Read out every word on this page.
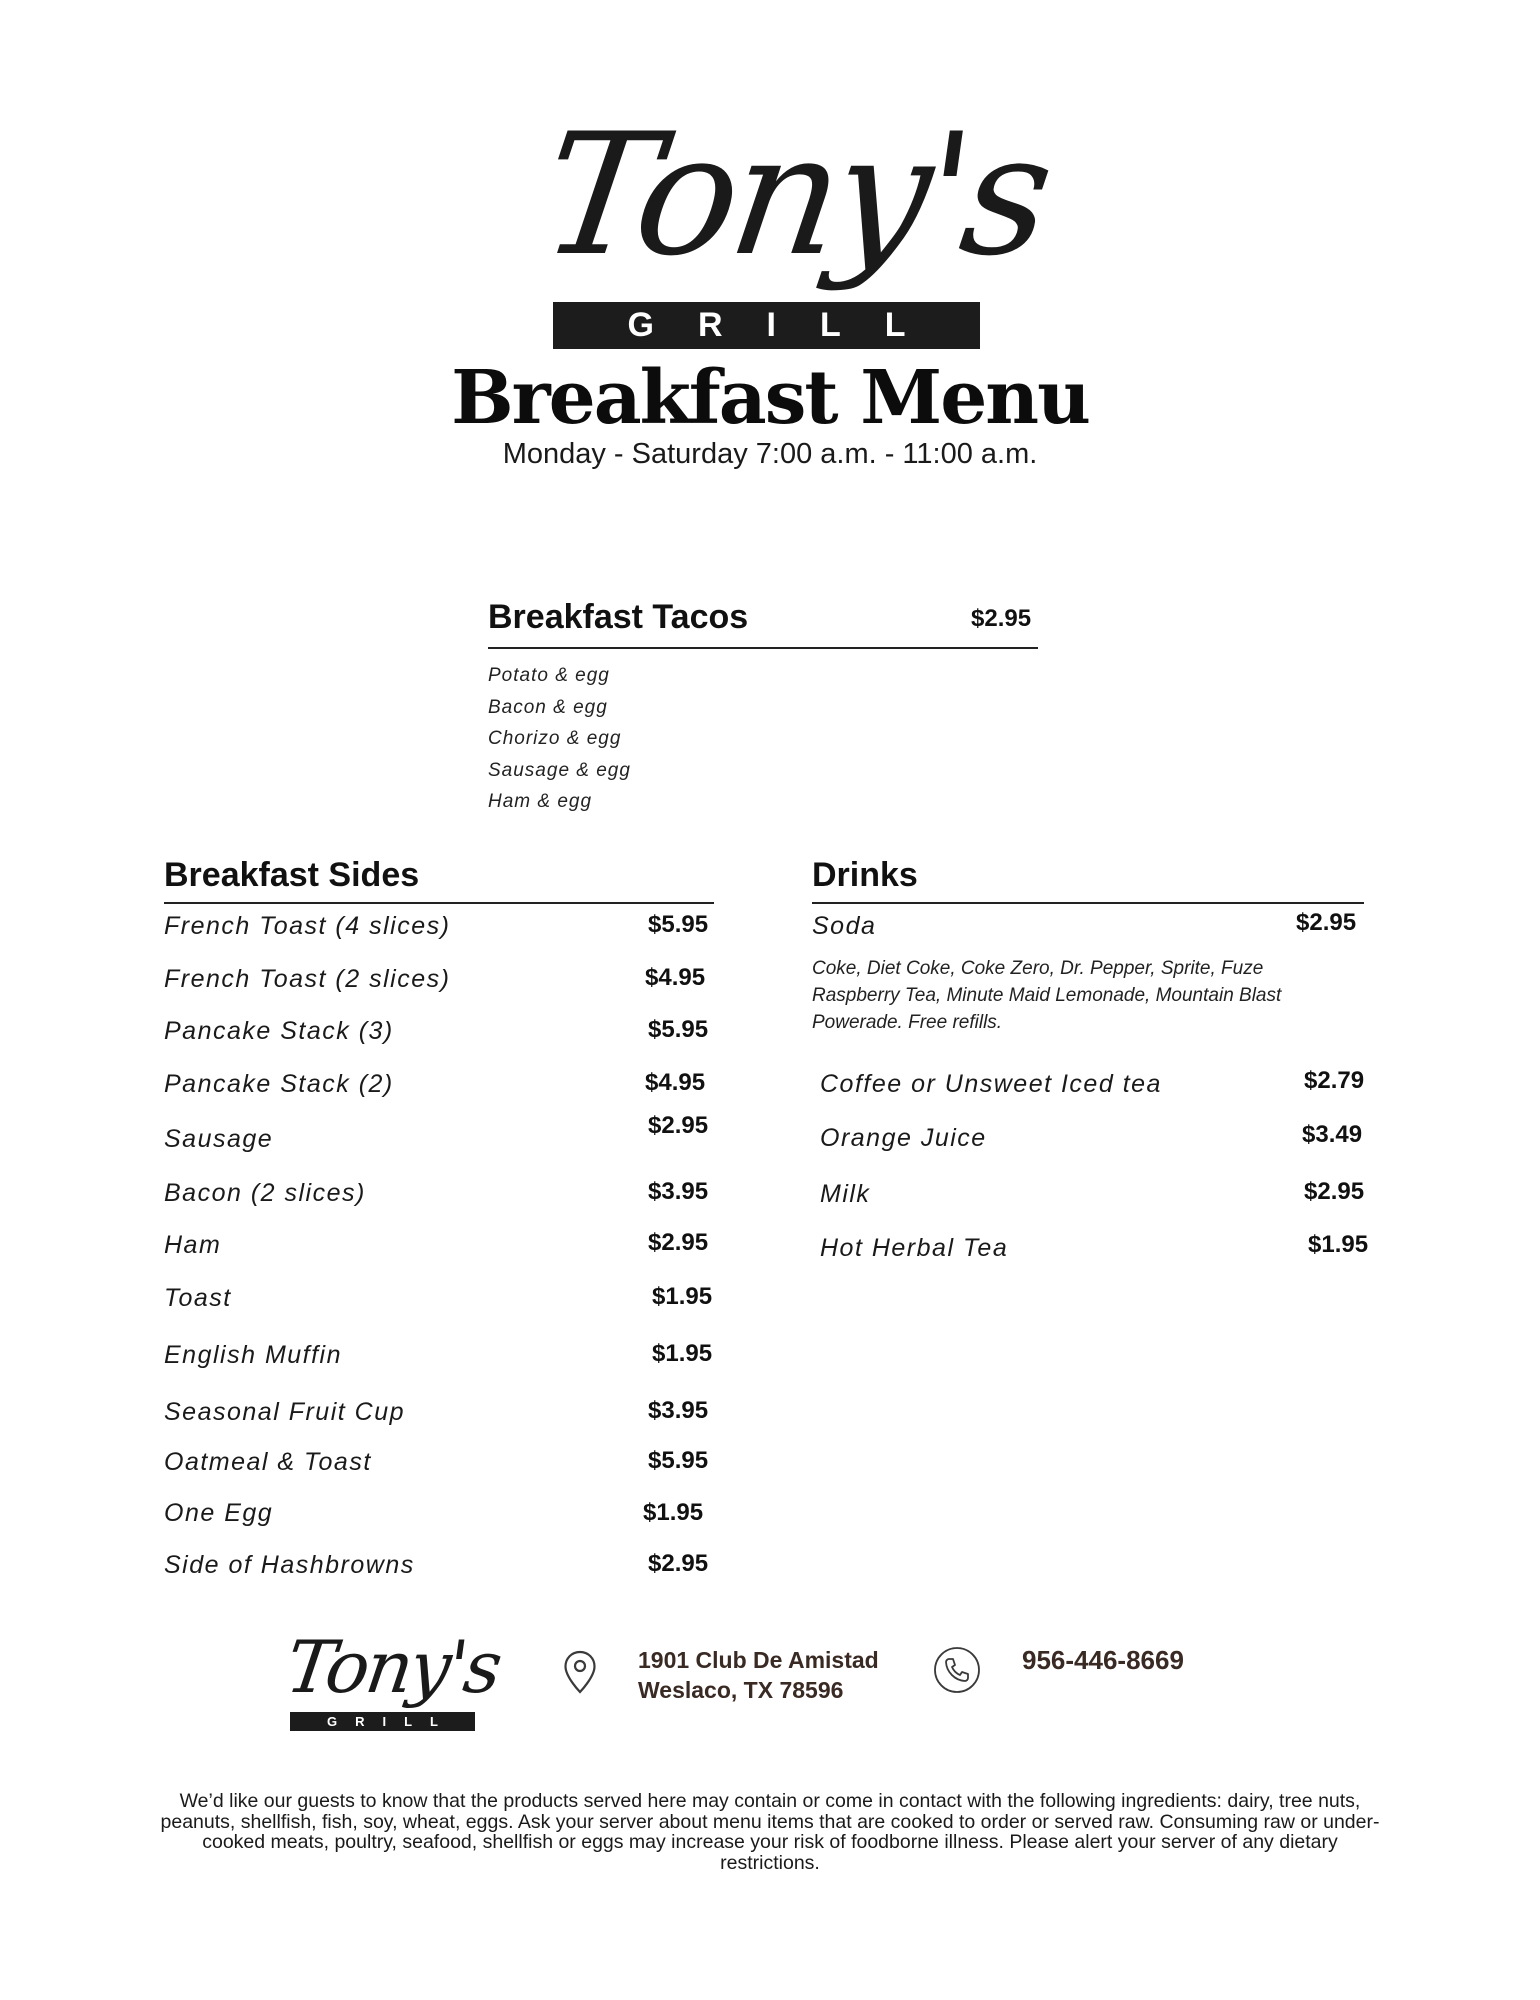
Tony's
GRILL
Breakfast Menu
Monday - Saturday 7:00 a.m. - 11:00 a.m.
Breakfast Tacos	$2.95
Potato & egg
Bacon & egg
Chorizo & egg
Sausage & egg
Ham & egg
Breakfast Sides
French Toast (4 slices)	$5.95
French Toast (2 slices)	$4.95
Pancake Stack (3)	$5.95
Pancake Stack (2)	$4.95
Sausage	$2.95
Bacon (2 slices)	$3.95
Ham	$2.95
Toast	$1.95
English Muffin	$1.95
Seasonal Fruit Cup	$3.95
Oatmeal & Toast	$5.95
One Egg	$1.95
Side of Hashbrowns	$2.95
Drinks
Soda	$2.95
Coke, Diet Coke, Coke Zero, Dr. Pepper, Sprite, Fuze Raspberry Tea, Minute Maid Lemonade, Mountain Blast Powerade. Free refills.
Coffee or Unsweet Iced tea	$2.79
Orange Juice	$3.49
Milk	$2.95
Hot Herbal Tea	$1.95
Tony's
GRILL
1901 Club De Amistad
Weslaco, TX 78596
956-446-8669
We’d like our guests to know that the products served here may contain or come in contact with the following ingredients: dairy, tree nuts, peanuts, shellfish, fish, soy, wheat, eggs. Ask your server about menu items that are cooked to order or served raw. Consuming raw or under-cooked meats, poultry, seafood, shellfish or eggs may increase your risk of foodborne illness. Please alert your server of any dietary restrictions.
